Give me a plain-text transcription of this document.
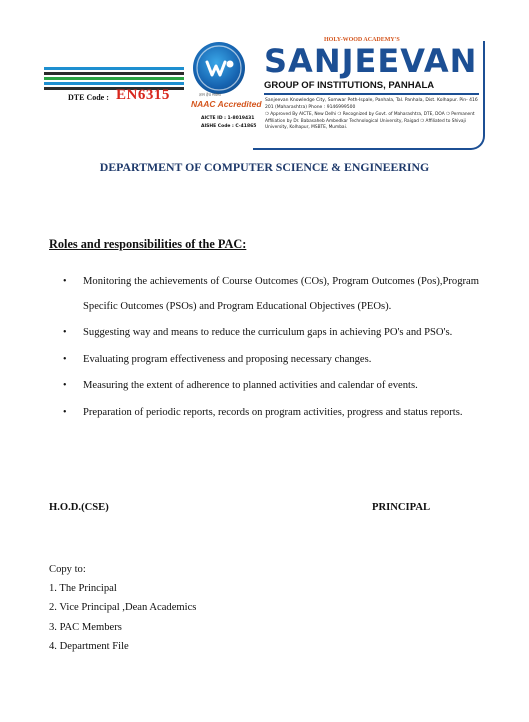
DTE Code : EN6315	ज्ञान हेच सर्वस्व
NAAC Accredited
AICTE ID : 1-8019431
AISHE Code : C-41865
HOLY-WOOD ACADEMY'S
SANJEEVAN
GROUP OF INSTITUTIONS, PANHALA
Sanjeevan Knowledge City, Somwar Peth-Ispale, Panhala, Tal. Panhala, Dist. Kolhapur. Pin- 416 201 (Maharashtra) Phone : 9146999500
❍ Approved By AICTE, New Delhi ❍ Recognized by Govt. of Maharashtra, DTE, DOA ❍ Permanent Affiliation by Dr. Babasaheb Ambedkar Technological University, Raigad ❍ Affiliated to Shivaji University, Kolhapur, MSBTE, Mumbai.
DEPARTMENT OF COMPUTER SCIENCE & ENGINEERING
Roles and responsibilities of the PAC:
• Monitoring the achievements of Course Outcomes (COs), Program Outcomes (Pos),Program Specific Outcomes (PSOs) and Program Educational Objectives (PEOs).
• Suggesting way and means to reduce the curriculum gaps in achieving PO's and PSO's.
• Evaluating program effectiveness and proposing necessary changes.
• Measuring the extent of adherence to planned activities and calendar of events.
• Preparation of periodic reports, records on program activities, progress and status reports.
H.O.D.(CSE)	PRINCIPAL
Copy to:
1. The Principal
2. Vice Principal ,Dean Academics
3. PAC Members
4. Department File
